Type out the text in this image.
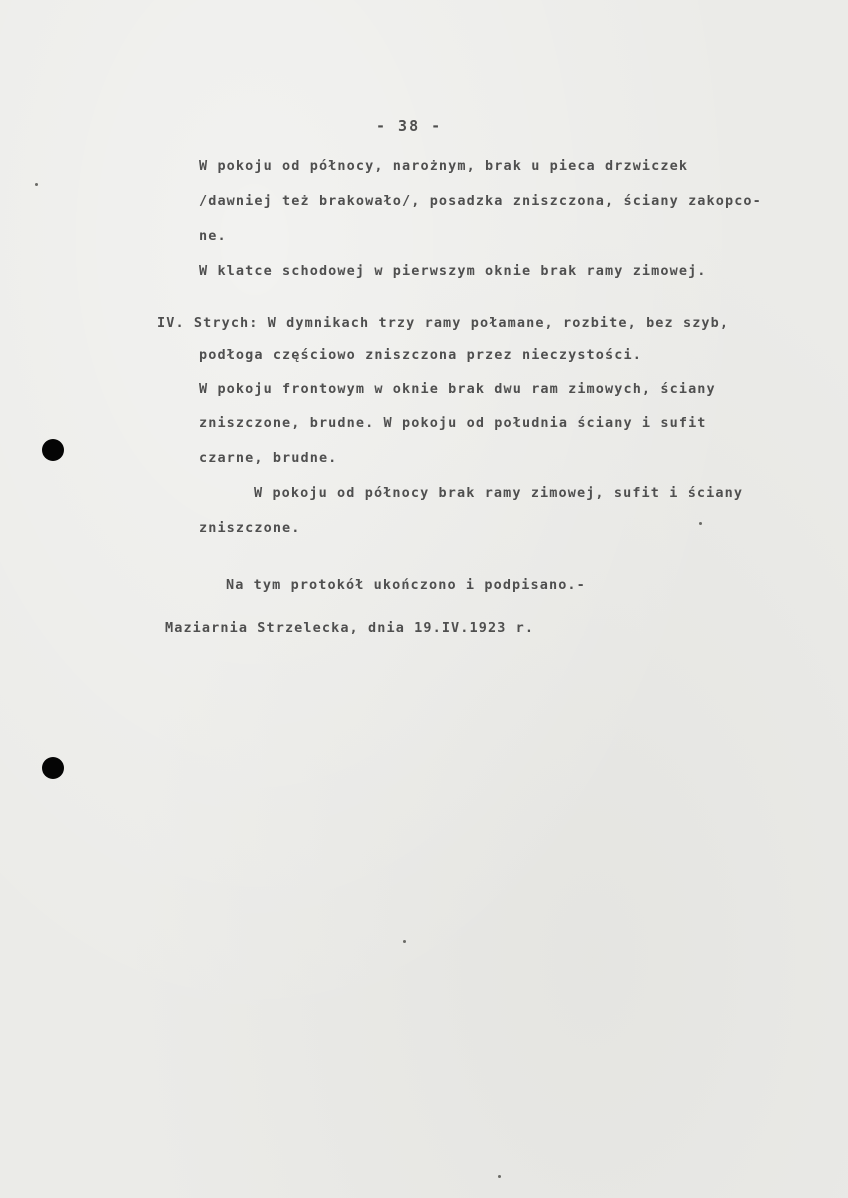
- 38 -
W pokoju od północy, narożnym, brak u pieca drzwiczek
/dawniej też brakowało/, posadzka zniszczona, ściany zakopco-
ne.
W klatce schodowej w pierwszym oknie brak ramy zimowej.
IV. Strych: W dymnikach trzy ramy połamane, rozbite, bez szyb,
podłoga częściowo zniszczona przez nieczystości.
W pokoju frontowym w oknie brak dwu ram zimowych, ściany
zniszczone, brudne. W pokoju od południa ściany i sufit
czarne, brudne.
W pokoju od północy brak ramy zimowej, sufit i ściany
zniszczone.
Na tym protokół ukończono i podpisano.-
Maziarnia Strzelecka, dnia 19.IV.1923 r.
